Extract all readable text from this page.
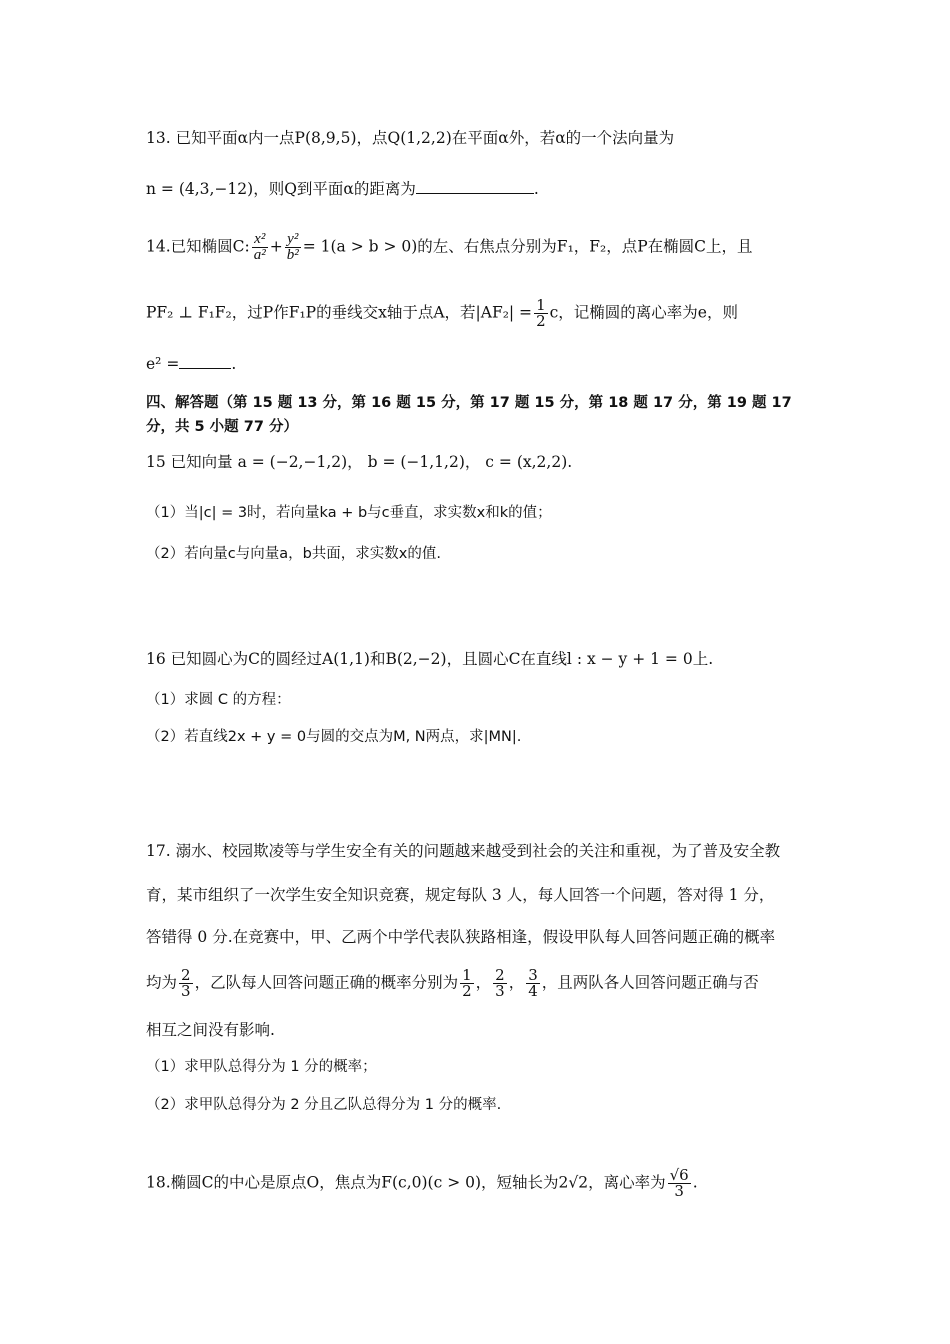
13. 已知平面α内一点P(8,9,5)，点Q(1,2,2)在平面α外，若α的一个法向量为
n = (4,3,−12)，则Q到平面α的距离为	.
14.已知椭圆C: $\frac{\text{x²}}{\text{a²}} + \frac{\text{y²}}{\text{b²}} = 1(a > b > 0)$的左、右焦点分别为F₁，F₂，点P在椭圆C上，且
PF₂ ⊥ F₁F₂，过P作F₁P的垂线交x轴于点A，若$|AF_2| = \frac{1}{2}$ c，记椭圆的离心率为e，则
e² =	.
四、解答题（第 15 题 13 分，第 16 题 15 分，第 17 题 15 分，第 18 题 17 分，第 19 题 17
分，共 5 小题 77 分）
15 已知向量 a = (−2,−1,2)， b = (−1,1,2)， c = (x,2,2).
（1）当|c| = 3时，若向量ka + b与c垂直，求实数x和k的值；
（2）若向量c与向量a，b共面，求实数x的值.
16 已知圆心为C的圆经过A(1,1)和B(2,−2)，且圆心C在直线l : x − y + 1 = 0上.
（1）求圆 C 的方程：
（2）若直线2x + y = 0与圆的交点为M, N两点，求|MN|.
17. 溺水、校园欺凌等与学生安全有关的问题越来越受到社会的关注和重视，为了普及安全教
育，某市组织了一次学生安全知识竞赛，规定每队 3 人，每人回答一个问题，答对得 1 分，
答错得 0 分.在竞赛中，甲、乙两个中学代表队狭路相逢，假设甲队每人回答问题正确的概率
均为 $\frac{2}{3}$ ，乙队每人回答问题正确的概率分别为 $\frac{1}{2}$ ， $\frac{2}{3}$ ， $\frac{3}{4}$ ，且两队各人回答问题正确与否
相互之间没有影响.
（1）求甲队总得分为 1 分的概率；
（2）求甲队总得分为 2 分且乙队总得分为 1 分的概率.
18.椭圆C的中心是原点O，焦点为F(c,0)(c > 0)，短轴长为2√2，离心率为 $\frac{√6}{3}$ .
